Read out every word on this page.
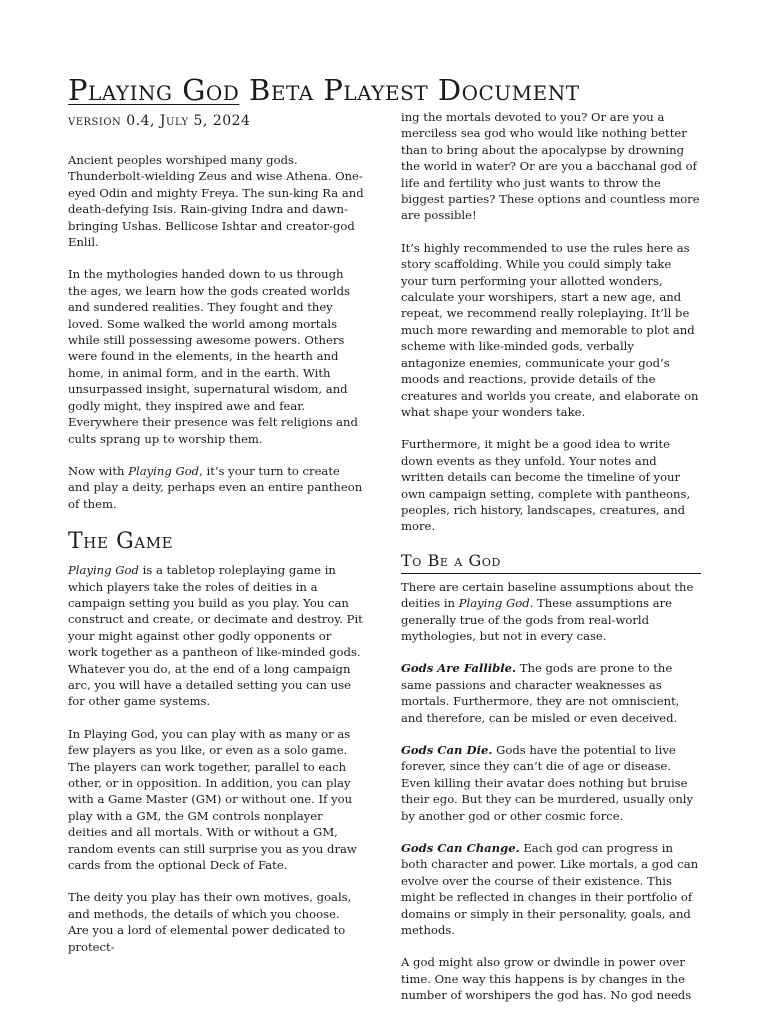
Playing God Beta Playest Document
version 0.4, July 5, 2024

Ancient peoples worshiped many gods. Thunderbolt-wielding Zeus and wise Athena. One-eyed Odin and mighty Freya. The sun-king Ra and death-defying Isis. Rain-giving Indra and dawn-bringing Ushas. Bellicose Ishtar and creator-god Enlil.

In the mythologies handed down to us through the ages, we learn how the gods created worlds and sundered realities. They fought and they loved. Some walked the world among mortals while still possessing awesome powers. Others were found in the elements, in the hearth and home, in animal form, and in the earth. With unsurpassed insight, supernatural wisdom, and godly might, they inspired awe and fear. Everywhere their presence was felt religions and cults sprang up to worship them.

Now with Playing God, it’s your turn to create and play a deity, perhaps even an entire pantheon of them.

The Game

Playing God is a tabletop roleplaying game in which players take the roles of deities in a campaign setting you build as you play. You can construct and create, or decimate and destroy. Pit your might against other godly opponents or work together as a pantheon of like-minded gods. Whatever you do, at the end of a long campaign arc, you will have a detailed setting you can use for other game systems.

In Playing God, you can play with as many or as few players as you like, or even as a solo game. The players can work together, parallel to each other, or in opposition. In addition, you can play with a Game Master (GM) or without one. If you play with a GM, the GM controls nonplayer deities and all mortals. With or without a GM, random events can still surprise you as you draw cards from the optional Deck of Fate.

The deity you play has their own motives, goals, and methods, the details of which you choose. Are you a lord of elemental power dedicated to protect-

ing the mortals devoted to you? Or are you a merciless sea god who would like nothing better than to bring about the apocalypse by drowning the world in water? Or are you a bacchanal god of life and fertility who just wants to throw the biggest parties? These options and countless more are possible!

It’s highly recommended to use the rules here as story scaffolding. While you could simply take your turn performing your allotted wonders, calculate your worshipers, start a new age, and repeat, we recommend really roleplaying. It’ll be much more rewarding and memorable to plot and scheme with like-minded gods, verbally antagonize enemies, communicate your god’s moods and reactions, provide details of the creatures and worlds you create, and elaborate on what shape your wonders take.

Furthermore, it might be a good idea to write down events as they unfold. Your notes and written details can become the timeline of your own campaign setting, complete with pantheons, peoples, rich history, landscapes, creatures, and more.

To Be a God

There are certain baseline assumptions about the deities in Playing God. These assumptions are generally true of the gods from real-world mythologies, but not in every case.

Gods Are Fallible. The gods are prone to the same passions and character weaknesses as mortals. Furthermore, they are not omniscient, and therefore, can be misled or even deceived.

Gods Can Die. Gods have the potential to live forever, since they can’t die of age or disease. Even killing their avatar does nothing but bruise their ego. But they can be murdered, usually only by another god or other cosmic force.

Gods Can Change. Each god can progress in both character and power. Like mortals, a god can evolve over the course of their existence. This might be reflected in changes in their portfolio of domains or simply in their personality, goals, and methods.

A god might also grow or dwindle in power over time. One way this happens is by changes in the number of worshipers the god has. No god needs
